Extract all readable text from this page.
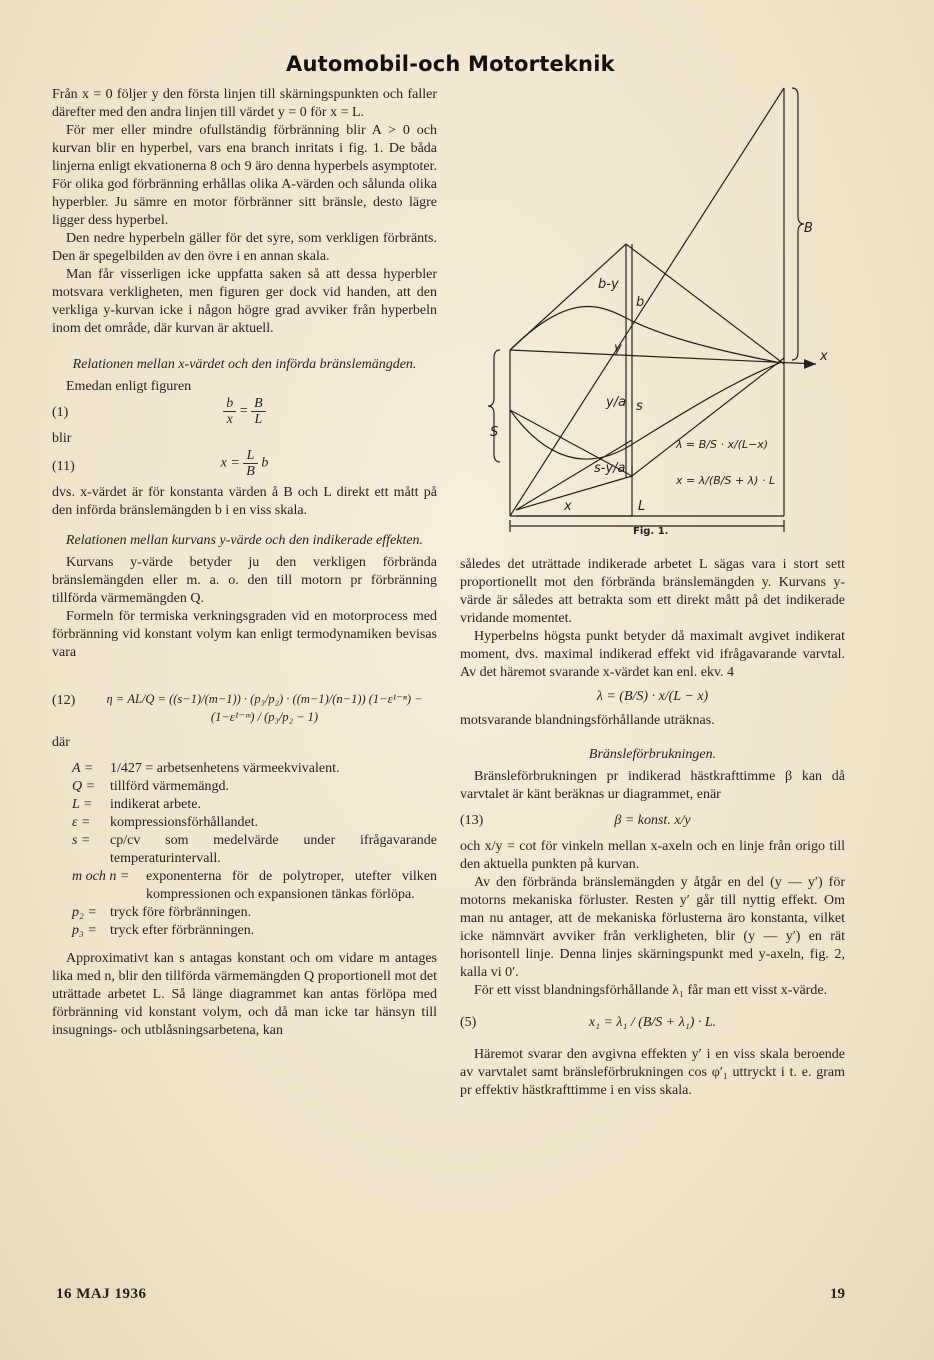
Automobil-och Motorteknik

Från x = 0 följer y den första linjen till skärningspunkten och faller därefter med den andra linjen till värdet y = 0 för x = L.

För mer eller mindre ofullständig förbränning blir A > 0 och kurvan blir en hyperbel, vars ena branch inritats i fig. 1. De båda linjerna enligt ekvationerna 8 och 9 äro denna hyperbels asymptoter. För olika god förbränning erhållas olika A-värden och sålunda olika hyperbler. Ju sämre en motor förbränner sitt bränsle, desto lägre ligger dess hyperbel.

Den nedre hyperbeln gäller för det syre, som verkligen förbränts. Den är spegelbilden av den övre i en annan skala.

Man får visserligen icke uppfatta saken så att dessa hyperbler motsvara verkligheten, men figuren ger dock vid handen, att den verkliga y-kurvan icke i någon högre grad avviker från hyperbeln inom det område, där kurvan är aktuell.

Relationen mellan x-värdet och den införda bränslemängden.

Emedan enligt figuren

(1)	$\frac{b}{x} = \frac{B}{L}$

blir

(11)	$x = \frac{L}{B}$ b

dvs. x-värdet är för konstanta värden å B och L direkt ett mått på den införda bränslemängden b i en viss skala.

Relationen mellan kurvans y-värde och den indikerade effekten.

Kurvans y-värde betyder ju den verkligen förbrända bränslemängden eller m. a. o. den till motorn pr förbränning tillförda värmemängden Q.

Formeln för termiska verkningsgraden vid en motorprocess med förbränning vid konstant volym kan enligt termodynamiken bevisas vara

(12)	η = AL/Q = ((s−1)/(m−1)) · (p₃/p₂) · ((m−1)/(n−1)) (1−ε¹⁻ⁿ) − (1−ε¹⁻ᵐ) / (p₃/p₂ − 1)

där

A = 1/427 = arbetsenhetens värmeekvivalent.
Q = tillförd värmemängd.
L = indikerat arbete.
ε = kompressionsförhållandet.
s = cp/cv som medelvärde under ifrågavarande temperaturintervall.
m och n =	exponenterna för de polytroper, utefter vilken kompressionen och expansionen tänkas förlöpa.
p₂ = tryck före förbränningen.
p₃ = tryck efter förbränningen.

Approximativt kan s antagas konstant och om vidare m antages lika med n, blir den tillförda värmemängden Q proportionell mot det uträttade arbetet L. Så länge diagrammet kan antas förlöpa med förbränning vid konstant volym, och då man icke tar hänsyn till insugnings- och utblåsningsarbetena, kan

B
x
S
b
b-y
y
s
y/a
s-y/a
x	L
λ = B/S · x/(L−x)
x = λ/(B/S + λ) · L
Fig. 1.

således det uträttade indikerade arbetet L sägas vara i stort sett proportionellt mot den förbrända bränslemängden y. Kurvans y-värde är således att betrakta som ett direkt mått på det indikerade vridande momentet.

Hyperbelns högsta punkt betyder då maximalt avgivet indikerat moment, dvs. maximal indikerad effekt vid ifrågavarande varvtal. Av det häremot svarande x-värdet kan enl. ekv. 4

λ = (B/S) · x/(L − x)

motsvarande blandningsförhållande uträknas.

Bränsleförbrukningen.

Bränsleförbrukningen pr indikerad hästkrafttimme β kan då varvtalet är känt beräknas ur diagrammet, enär

(13)	β = konst. x/y

och x/y = cot för vinkeln mellan x-axeln och en linje från origo till den aktuella punkten på kurvan.

Av den förbrända bränslemängden y åtgår en del (y — y′) för motorns mekaniska förluster. Resten y′ går till nyttig effekt. Om man nu antager, att de mekaniska förlusterna äro konstanta, vilket icke nämnvärt avviker från verkligheten, blir (y — y′) en rät horisontell linje. Denna linjes skärningspunkt med y-axeln, fig. 2, kalla vi 0′.

För ett visst blandningsförhållande λ₁ får man ett visst x-värde.

(5)	x₁ = λ₁ / (B/S + λ₁) · L.

Häremot svarar den avgivna effekten y′ i en viss skala beroende av varvtalet samt bränsleförbrukningen cos φ′₁ uttryckt i t. e. gram pr effektiv hästkrafttimme i en viss skala.

16 MAJ 1936	19
